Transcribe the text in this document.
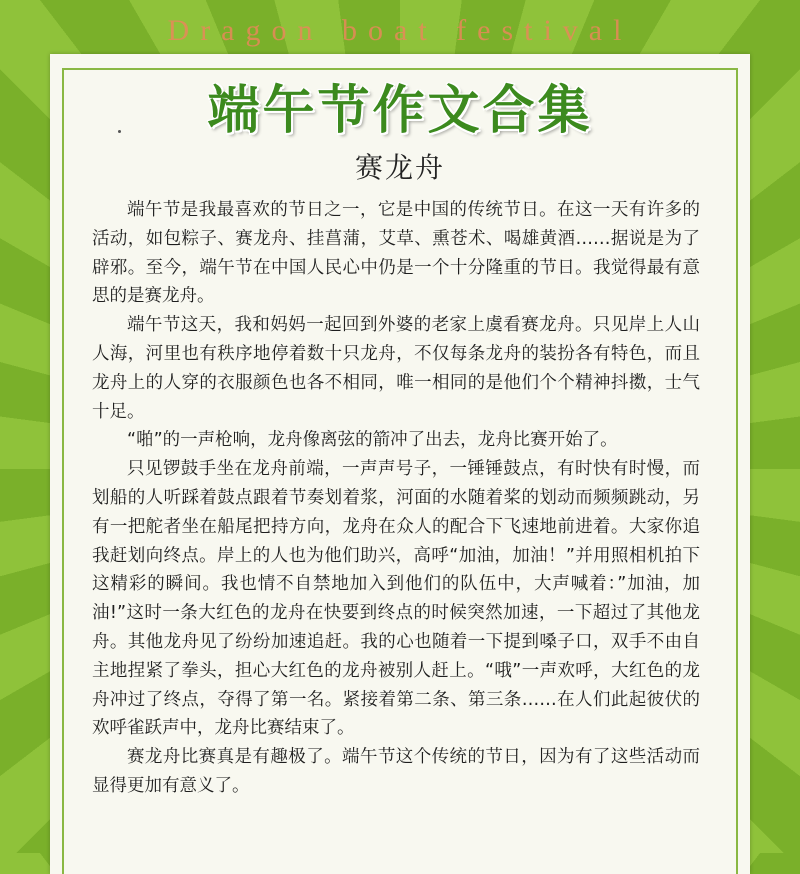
Dragon boat festival
端午节作文合集
赛龙舟

端午节是我最喜欢的节日之一，它是中国的传统节日。在这一天有许多的活动，如包粽子、赛龙舟、挂菖蒲，艾草、熏苍术、喝雄黄酒……据说是为了辟邪。至今，端午节在中国人民心中仍是一个十分隆重的节日。我觉得最有意思的是赛龙舟。

端午节这天，我和妈妈一起回到外婆的老家上虞看赛龙舟。只见岸上人山人海，河里也有秩序地停着数十只龙舟，不仅每条龙舟的装扮各有特色，而且龙舟上的人穿的衣服颜色也各不相同，唯一相同的是他们个个精神抖擞，士气十足。

“啪”的一声枪响，龙舟像离弦的箭冲了出去，龙舟比赛开始了。

只见锣鼓手坐在龙舟前端，一声声号子，一锤锤鼓点，有时快有时慢，而划船的人听踩着鼓点跟着节奏划着浆，河面的水随着桨的划动而频频跳动，另有一把舵者坐在船尾把持方向，龙舟在众人的配合下飞速地前进着。大家你追我赶划向终点。岸上的人也为他们助兴，高呼“加油，加油！”并用照相机拍下这精彩的瞬间。我也情不自禁地加入到他们的队伍中，大声喊着：”加油，加油!”这时一条大红色的龙舟在快要到终点的时候突然加速，一下超过了其他龙舟。其他龙舟见了纷纷加速追赶。我的心也随着一下提到嗓子口，双手不由自主地捏紧了拳头，担心大红色的龙舟被别人赶上。“哦”一声欢呼，大红色的龙舟冲过了终点，夺得了第一名。紧接着第二条、第三条……在人们此起彼伏的欢呼雀跃声中，龙舟比赛结束了。

赛龙舟比赛真是有趣极了。端午节这个传统的节日，因为有了这些活动而显得更加有意义了。
